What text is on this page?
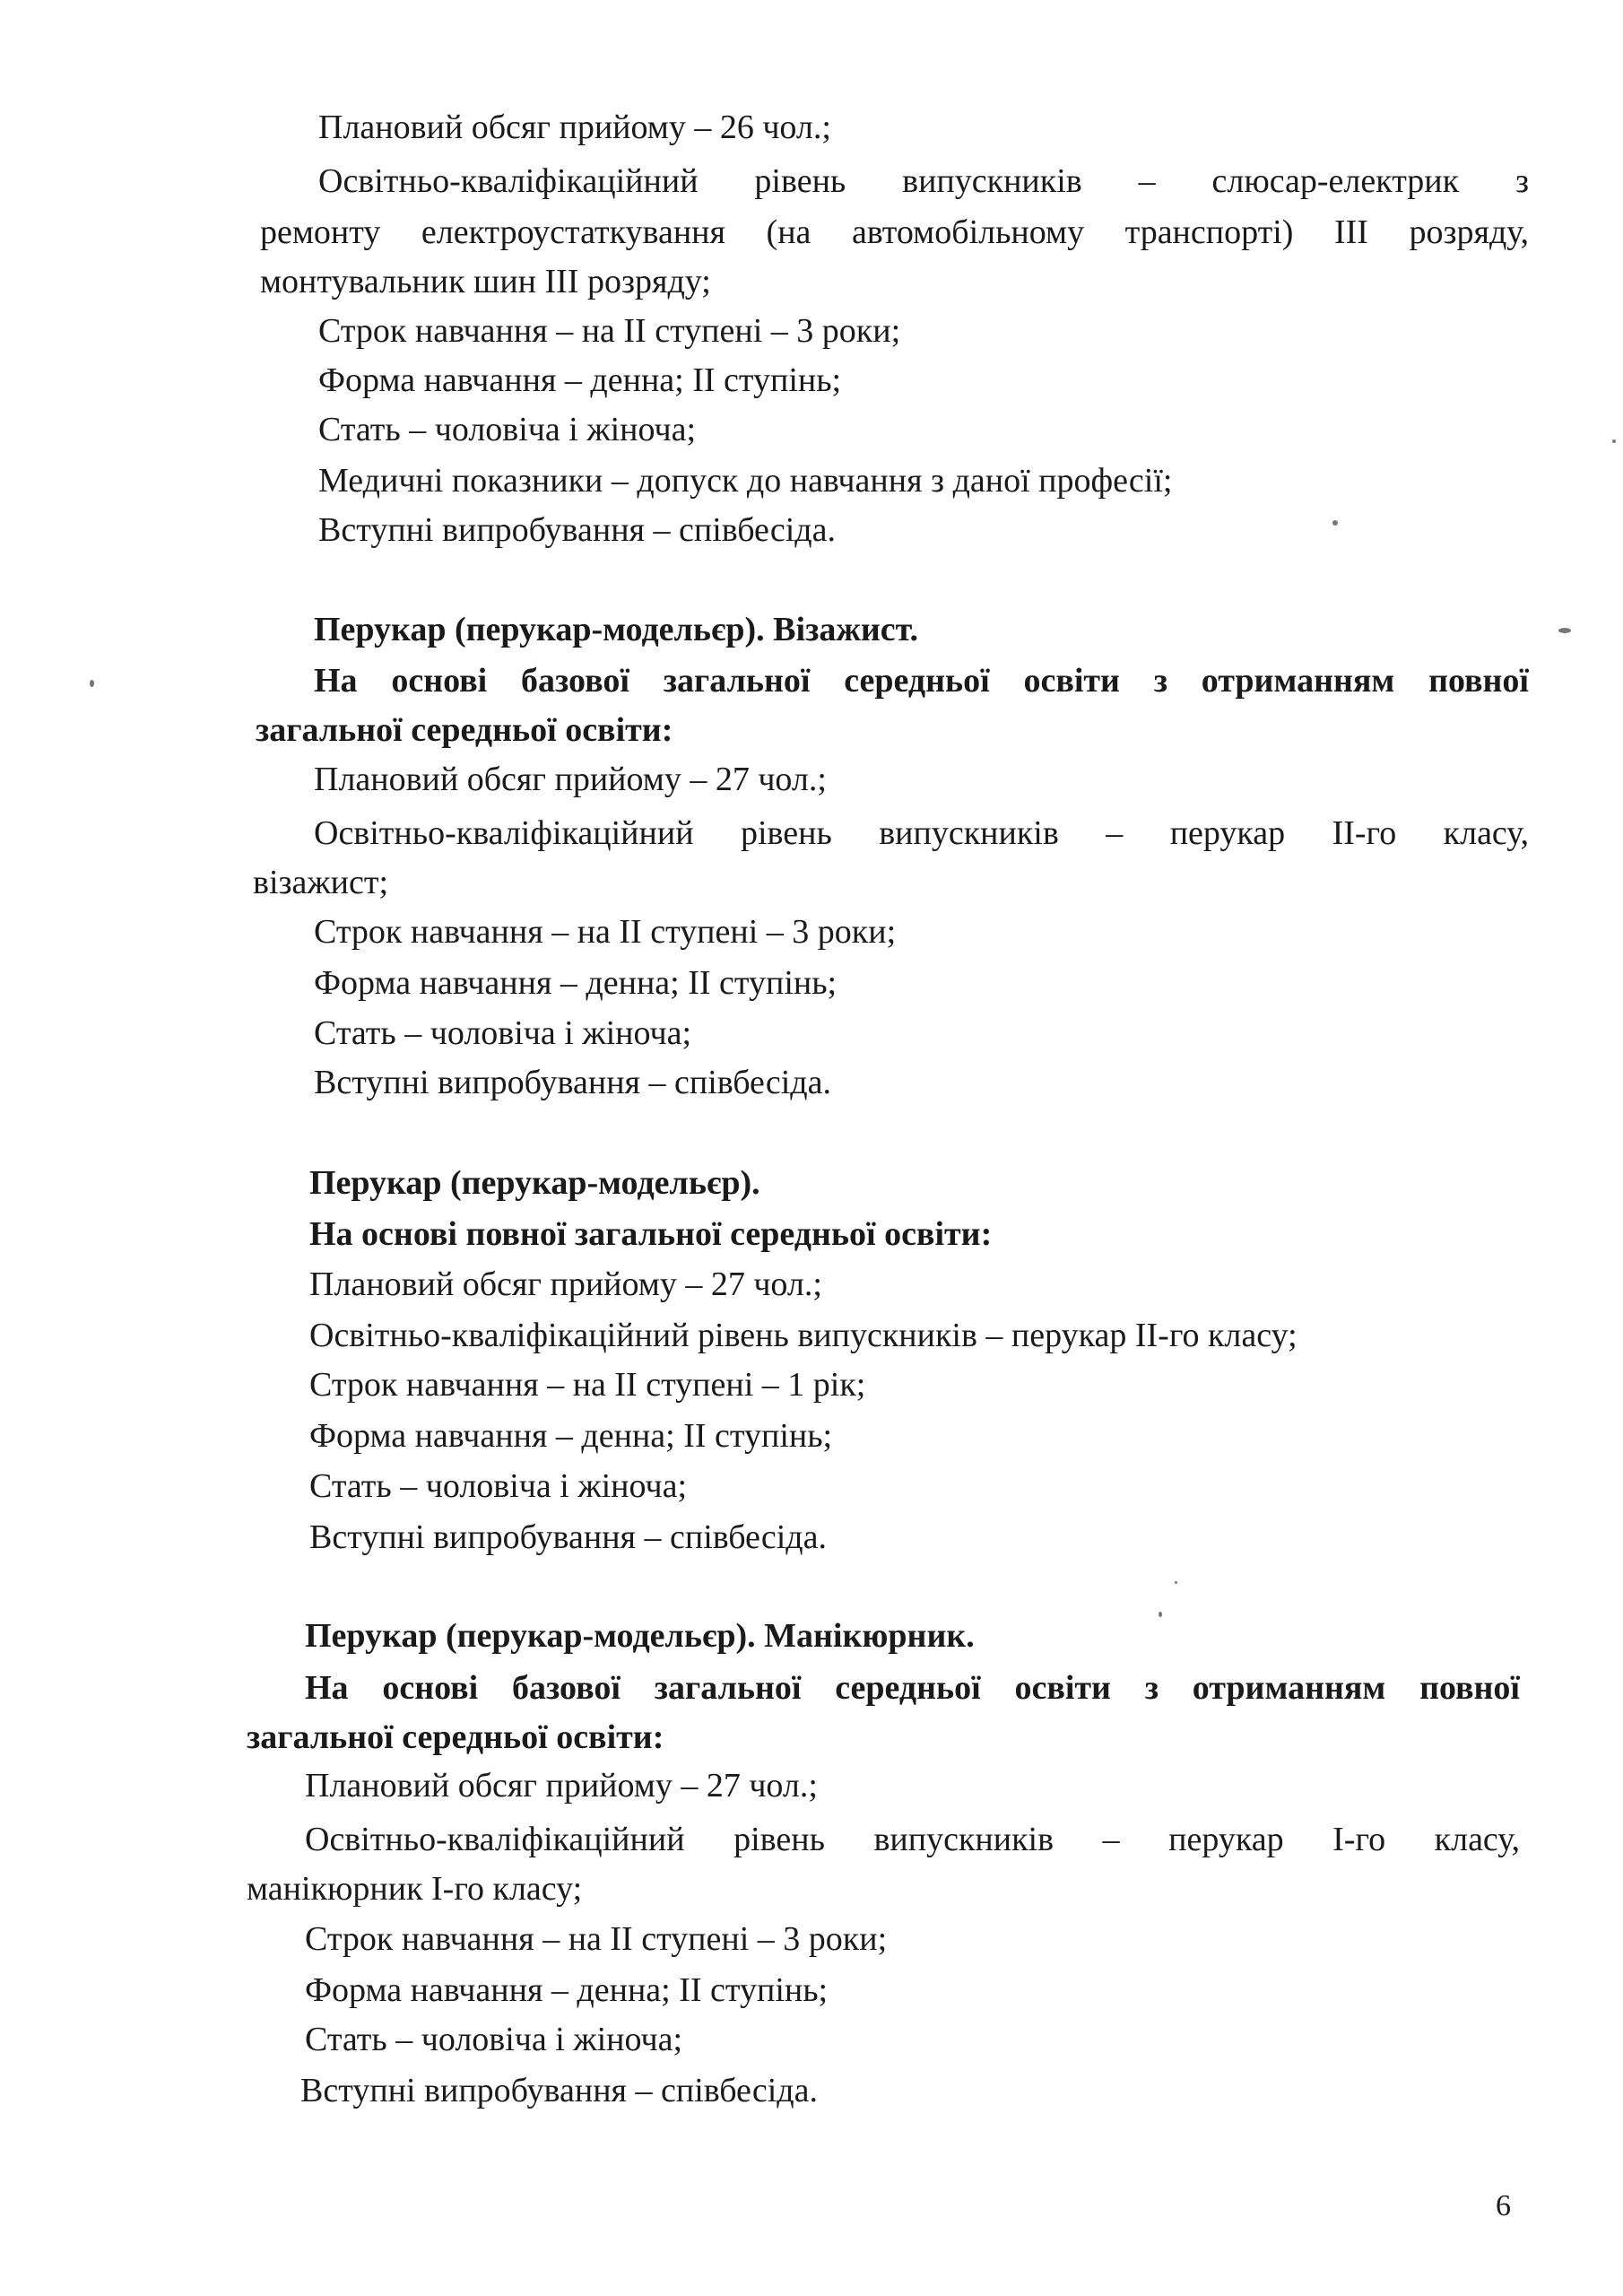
Плановий обсяг прийому – 26 чол.;
Освітньо-кваліфікаційний рівень випускників – слюсар-електрик з
ремонту електроустаткування (на автомобільному транспорті) ІІІ розряду,
монтувальник шин ІІІ розряду;
Строк навчання – на ІІ ступені – 3 роки;
Форма навчання – денна; ІІ ступінь;
Стать – чоловіча і жіноча;
Медичні показники – допуск до навчання з даної професії;
Вступні випробування – співбесіда.
Перукар (перукар-модельєр). Візажист.
На основі базової загальної середньої освіти з отриманням повної
загальної середньої освіти:
Плановий обсяг прийому – 27 чол.;
Освітньо-кваліфікаційний рівень випускників – перукар ІІ-го класу,
візажист;
Строк навчання – на ІІ ступені – 3 роки;
Форма навчання – денна; ІІ ступінь;
Стать – чоловіча і жіноча;
Вступні випробування – співбесіда.
Перукар (перукар-модельєр).
На основі повної загальної середньої освіти:
Плановий обсяг прийому – 27 чол.;
Освітньо-кваліфікаційний рівень випускників – перукар ІІ-го класу;
Строк навчання – на ІІ ступені – 1 рік;
Форма навчання – денна; ІІ ступінь;
Стать – чоловіча і жіноча;
Вступні випробування – співбесіда.
Перукар (перукар-модельєр). Манікюрник.
На основі базової загальної середньої освіти з отриманням повної
загальної середньої освіти:
Плановий обсяг прийому – 27 чол.;
Освітньо-кваліфікаційний рівень випускників – перукар І-го класу,
манікюрник І-го класу;
Строк навчання – на ІІ ступені – 3 роки;
Форма навчання – денна; ІІ ступінь;
Стать – чоловіча і жіноча;
Вступні випробування – співбесіда.
6
